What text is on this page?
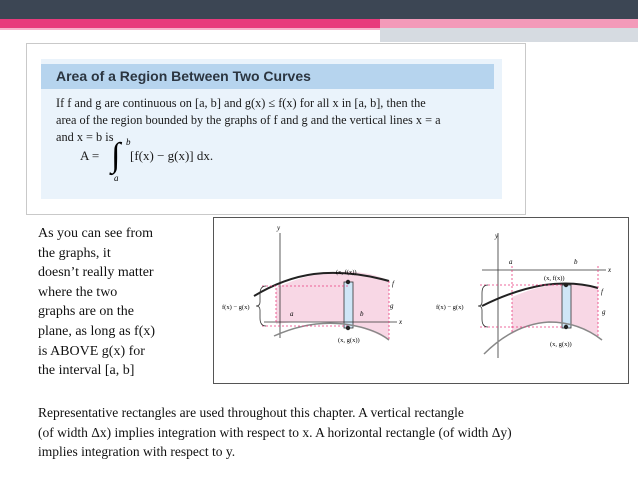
Area of a Region Between Two Curves
If f and g are continuous on [a, b] and g(x) ≤ f(x) for all x in [a, b], then the
area of the region bounded by the graphs of f and g and the vertical lines x = a
and x = b is
A = ∫ b
a
[f(x) − g(x)] dx.
As you can see from
the graphs, it
doesn’t really matter
where the two
graphs are on the
plane, as long as f(x)
is ABOVE g(x) for
the interval [a, b]
y
x
a	b
f
g
(x, f(x))
(x, g(x))
f(x) − g(x)
y
x
a	b
f
g
(x, f(x))
(x, g(x))
f(x) − g(x)
Representative rectangles are used throughout this chapter. A vertical rectangle
(of width Δx) implies integration with respect to x. A horizontal rectangle (of width Δy)
implies integration with respect to y.
